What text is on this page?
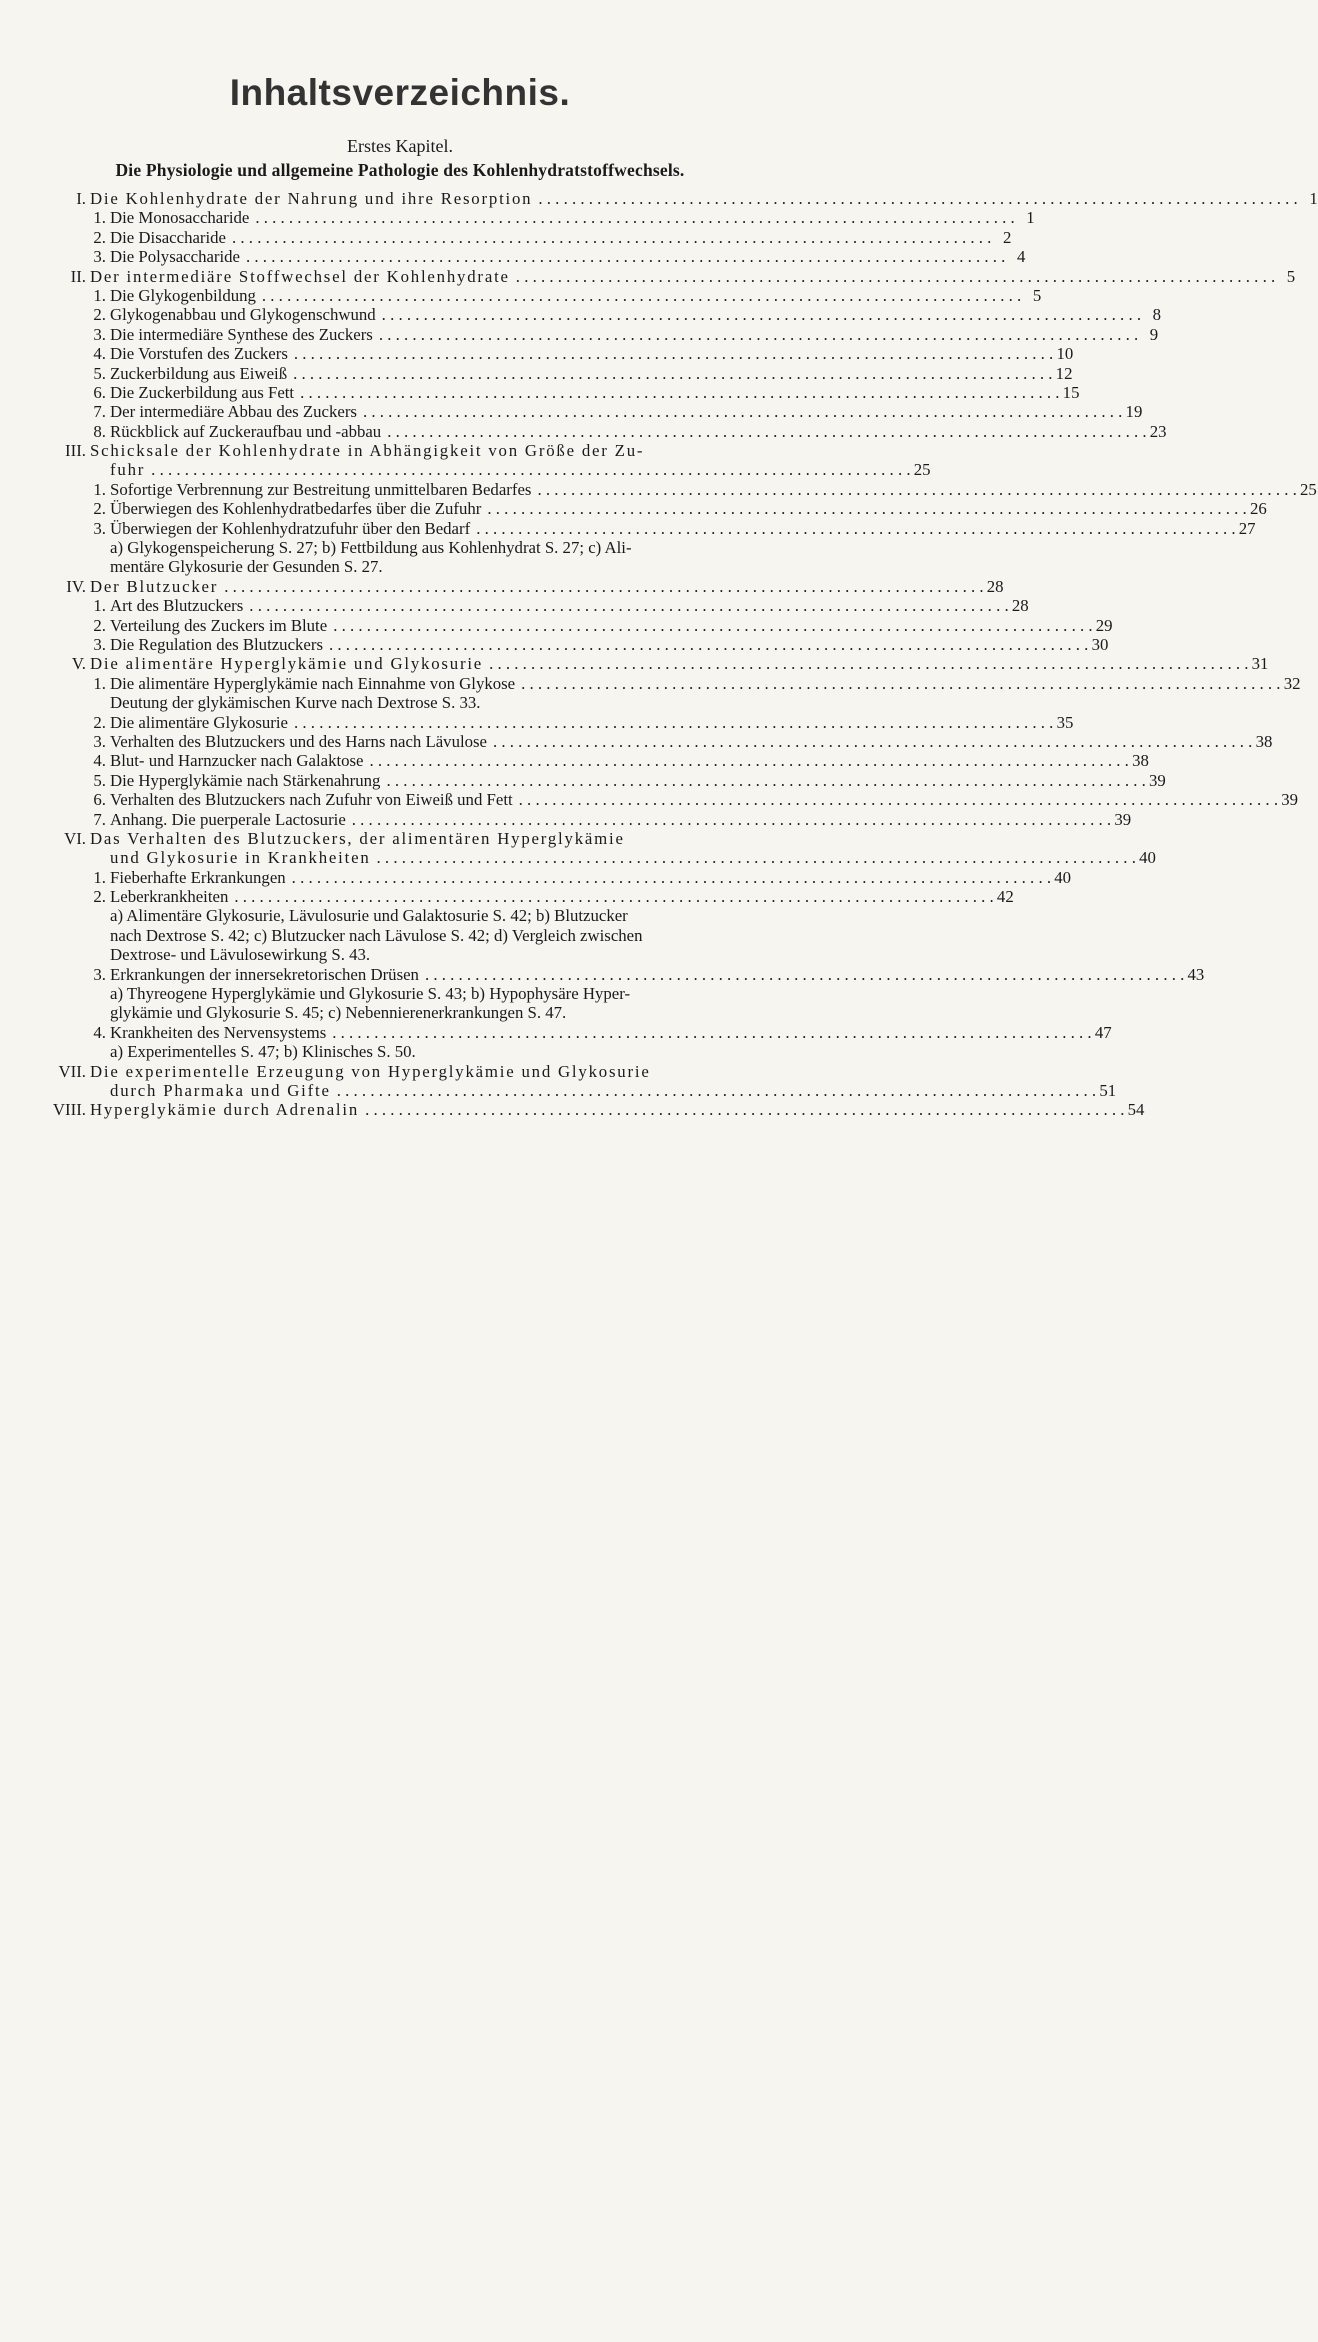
Inhaltsverzeichnis.
Erstes Kapitel.
Die Physiologie und allgemeine Pathologie des Kohlenhydratstoffwechsels.
I. Die Kohlenhydrate der Nahrung und ihre Resorption . . .	1
1. Die Monosaccharide . . .	1
2. Die Disaccharide . . .	2
3. Die Polysaccharide . . .	4
II. Der intermediäre Stoffwechsel der Kohlenhydrate . . .	5
1. Die Glykogenbildung . . .	5
2. Glykogenabbau und Glykogenschwund . . .	8
3. Die intermediäre Synthese des Zuckers . . .	9
4. Die Vorstufen des Zuckers . . .	10
5. Zuckerbildung aus Eiweiß . . .	12
6. Die Zuckerbildung aus Fett . . .	15
7. Der intermediäre Abbau des Zuckers . . .	19
8. Rückblick auf Zuckeraufbau und -abbau . . .	23
III. Schicksale der Kohlenhydrate in Abhängigkeit von Größe der Zu-
fuhr . . .	25
1. Sofortige Verbrennung zur Bestreitung unmittelbaren Bedarfes . . .	25
2. Überwiegen des Kohlenhydratbedarfes über die Zufuhr . . .	26
3. Überwiegen der Kohlenhydratzufuhr über den Bedarf . . .	27
a) Glykogenspeicherung S. 27; b) Fettbildung aus Kohlenhydrat S. 27; c) Ali-
mentäre Glykosurie der Gesunden S. 27.
IV. Der Blutzucker . . .	28
1. Art des Blutzuckers . . .	28
2. Verteilung des Zuckers im Blute . . .	29
3. Die Regulation des Blutzuckers . . .	30
V. Die alimentäre Hyperglykämie und Glykosurie . . .	31
1. Die alimentäre Hyperglykämie nach Einnahme von Glykose . . .	32
Deutung der glykämischen Kurve nach Dextrose S. 33.
2. Die alimentäre Glykosurie . . .	35
3. Verhalten des Blutzuckers und des Harns nach Lävulose . . .	38
4. Blut- und Harnzucker nach Galaktose . . .	38
5. Die Hyperglykämie nach Stärkenahrung . . .	39
6. Verhalten des Blutzuckers nach Zufuhr von Eiweiß und Fett . . .	39
7. Anhang. Die puerperale Lactosurie . . .	39
VI. Das Verhalten des Blutzuckers, der alimentären Hyperglykämie
und Glykosurie in Krankheiten . . .	40
1. Fieberhafte Erkrankungen . . .	40
2. Leberkrankheiten . . .	42
a) Alimentäre Glykosurie, Lävulosurie und Galaktosurie S. 42; b) Blutzucker
nach Dextrose S. 42; c) Blutzucker nach Lävulose S. 42; d) Vergleich zwischen
Dextrose- und Lävulosewirkung S. 43.
3. Erkrankungen der innersekretorischen Drüsen . . .	43
a) Thyreogene Hyperglykämie und Glykosurie S. 43; b) Hypophysäre Hyper-
glykämie und Glykosurie S. 45; c) Nebennierenerkrankungen S. 47.
4. Krankheiten des Nervensystems . . .	47
a) Experimentelles S. 47; b) Klinisches S. 50.
VII. Die experimentelle Erzeugung von Hyperglykämie und Glykosurie
durch Pharmaka und Gifte . . .	51
VIII. Hyperglykämie durch Adrenalin . . .	54
